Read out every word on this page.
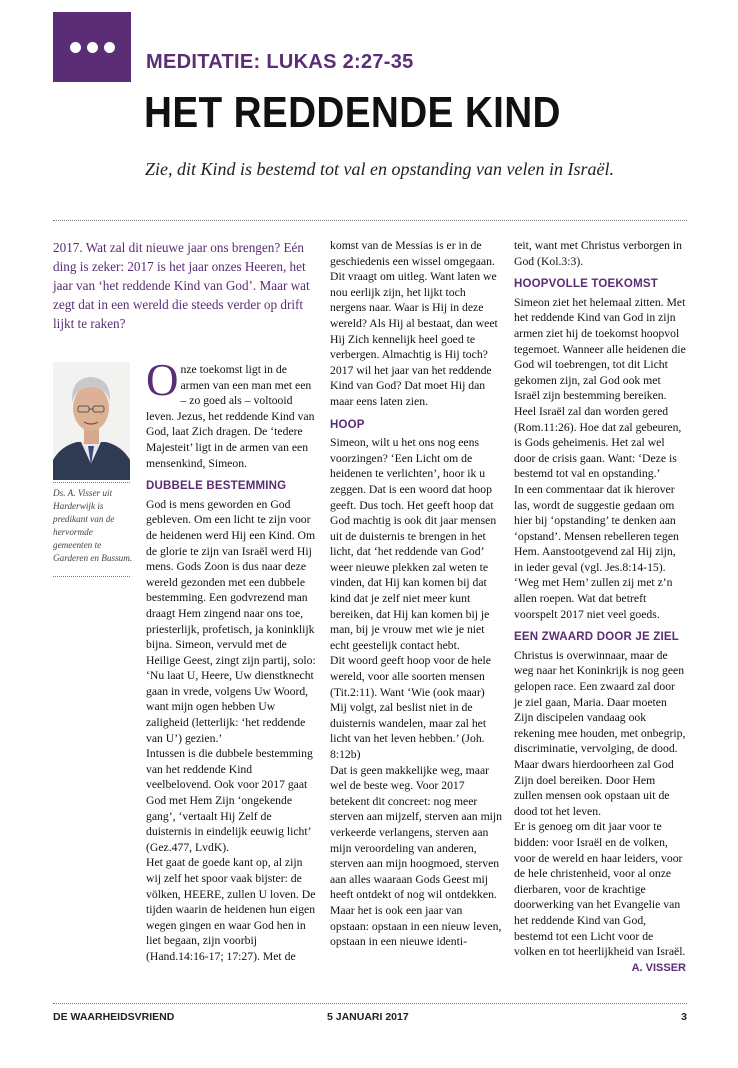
MEDITATIE: LUKAS 2:27-35
HET REDDENDE KIND
Zie, dit Kind is bestemd tot val en opstanding van velen in Israël.
2017. Wat zal dit nieuwe jaar ons brengen? Eén ding is zeker: 2017 is het jaar onzes Heeren, het jaar van ‘het reddende Kind van God’. Maar wat zegt dat in een wereld die steeds verder op drift lijkt te raken?
Ds. A. Visser uit Harderwijk is predikant van de hervormde gemeenten te Garderen en Bussum.

Onze toekomst ligt in de armen van een man met een – zo goed als – voltooid leven. Jezus, het reddende Kind van God, laat Zich dragen. De ‘tedere Majesteit’ ligt in de armen van een mensenkind, Simeon.

DUBBELE BESTEMMING

God is mens geworden en God gebleven. Om een licht te zijn voor de heidenen werd Hij een Kind. Om de glorie te zijn van Israël werd Hij mens. Gods Zoon is dus naar deze wereld gezonden met een dubbele bestemming. Een godvrezend man draagt Hem zingend naar ons toe, priesterlijk, profetisch, ja koninklijk bijna. Simeon, vervuld met de Heilige Geest, zingt zijn partij, solo: ‘Nu laat U, Heere, Uw dienstknecht gaan in vrede, volgens Uw Woord, want mijn ogen hebben Uw zaligheid (letterlijk: ‘het reddende van U’) gezien.’

Intussen is die dubbele bestemming van het reddende Kind veelbelovend. Ook voor 2017 gaat God met Hem Zijn ‘ongekende gang’, ‘vertaalt Hij Zelf de duisternis in eindelijk eeuwig licht’ (Gez.477, LvdK).

Het gaat de goede kant op, al zijn wij zelf het spoor vaak bijster: de völken, HEERE, zullen U loven. De tijden waarin de heidenen hun eigen wegen gingen en waar God hen in liet begaan, zijn voorbij (Hand.14:16-17; 17:27). Met de

komst van de Messias is er in de geschiedenis een wissel omgegaan.

Dit vraagt om uitleg. Want laten we nou eerlijk zijn, het lijkt toch nergens naar. Waar is Hij in deze wereld? Als Hij al bestaat, dan weet Hij Zich kennelijk heel goed te verbergen. Almachtig is Hij toch? 2017 wil het jaar van het reddende Kind van God? Dat moet Hij dan maar eens laten zien.

HOOP

Simeon, wilt u het ons nog eens voorzingen? ‘Een Licht om de heidenen te verlichten’, hoor ik u zeggen. Dat is een woord dat hoop geeft. Dus toch. Het geeft hoop dat God machtig is ook dit jaar mensen uit de duisternis te brengen in het licht, dat ‘het reddende van God’ weer nieuwe plekken zal weten te vinden, dat Hij kan komen bij dat kind dat je zelf niet meer kunt bereiken, dat Hij kan komen bij je man, bij je vrouw met wie je niet echt geestelijk contact hebt.

Dit woord geeft hoop voor de hele wereld, voor alle soorten mensen (Tit.2:11). Want ‘Wie (ook maar) Mij volgt, zal beslist niet in de duisternis wandelen, maar zal het licht van het leven hebben.’ (Joh. 8:12b)

Dat is geen makkelijke weg, maar wel de beste weg. Voor 2017 betekent dit concreet: nog meer sterven aan mijzelf, sterven aan mijn verkeerde verlangens, sterven aan mijn veroordeling van anderen, sterven aan mijn hoogmoed, sterven aan alles waaraan Gods Geest mij heeft ontdekt of nog wil ontdekken.

Maar het is ook een jaar van opstaan: opstaan in een nieuw leven, opstaan in een nieuwe identi-

teit, want met Christus verborgen in God (Kol.3:3).

HOOPVOLLE TOEKOMST

Simeon ziet het helemaal zitten. Met het reddende Kind van God in zijn armen ziet hij de toekomst hoopvol tegemoet. Wanneer alle heidenen die God wil toebrengen, tot dit Licht gekomen zijn, zal God ook met Israël zijn bestemming bereiken. Heel Israël zal dan worden gered (Rom.11:26). Hoe dat zal gebeuren, is Gods geheimenis. Het zal wel door de crisis gaan. Want: ‘Deze is bestemd tot val en opstanding.’

In een commentaar dat ik hierover las, wordt de suggestie gedaan om hier bij ‘opstanding’ te denken aan ‘opstand’. Mensen rebelleren tegen Hem. Aanstootgevend zal Hij zijn, in ieder geval (vgl. Jes.8:14-15). ‘Weg met Hem’ zullen zij met z’n allen roepen. Wat dat betreft voorspelt 2017 niet veel goeds.

EEN ZWAARD DOOR JE ZIEL

Christus is overwinnaar, maar de weg naar het Koninkrijk is nog geen gelopen race. Een zwaard zal door je ziel gaan, Maria. Daar moeten Zijn discipelen vandaag ook rekening mee houden, met onbegrip, discriminatie, vervolging, de dood. Maar dwars hierdoorheen zal God Zijn doel bereiken. Door Hem zullen mensen ook opstaan uit de dood tot het leven.

Er is genoeg om dit jaar voor te bidden: voor Israël en de volken, voor de wereld en haar leiders, voor de hele christenheid, voor al onze dierbaren, voor de krachtige doorwerking van het Evangelie van het reddende Kind van God, bestemd tot een Licht voor de volken en tot heerlijkheid van Israël.

A. VISSER
DE WAARHEIDSVRIEND	5 JANUARI 2017	3
